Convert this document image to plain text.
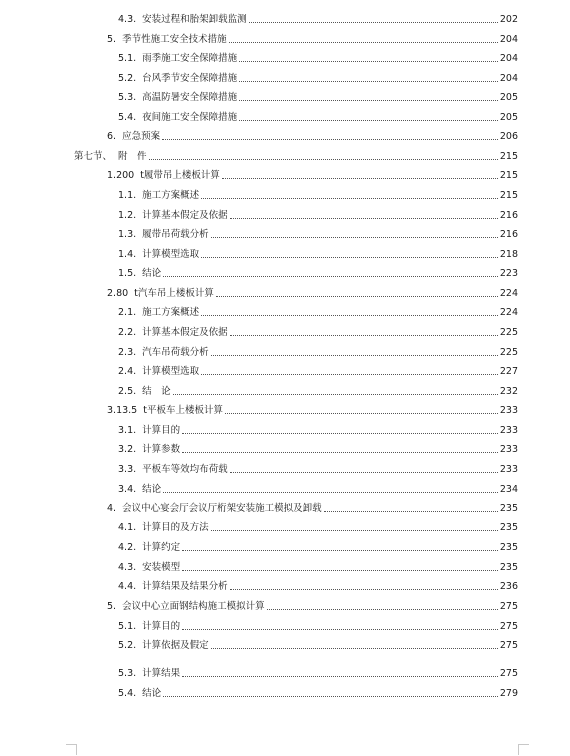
4.3. 安装过程和胎架卸载监测	202
5. 季节性施工安全技术措施	204
5.1. 雨季施工安全保障措施	204
5.2. 台风季节安全保障措施	204
5.3. 高温防暑安全保障措施	205
5.4. 夜间施工安全保障措施	205
6. 应急预案	206
第七节、 附　件	215
1.200 t履带吊上楼板计算	215
1.1. 施工方案概述	215
1.2. 计算基本假定及依据	216
1.3. 履带吊荷载分析	216
1.4. 计算模型选取	218
1.5. 结论	223
2.80 t汽车吊上楼板计算	224
2.1. 施工方案概述	224
2.2. 计算基本假定及依据	225
2.3. 汽车吊荷载分析	225
2.4. 计算模型选取	227
2.5. 结　论	232
3.13.5 t平板车上楼板计算	233
3.1. 计算目的	233
3.2. 计算参数	233
3.3. 平板车等效均布荷载	233
3.4. 结论	234
4. 会议中心宴会厅会议厅桁架安装施工模拟及卸载	235
4.1. 计算目的及方法	235
4.2. 计算约定	235
4.3. 安装模型	235
4.4. 计算结果及结果分析	236
5. 会议中心立面钢结构施工模拟计算	275
5.1. 计算目的	275
5.2. 计算依据及假定	275
5.3. 计算结果	275
5.4. 结论	279
